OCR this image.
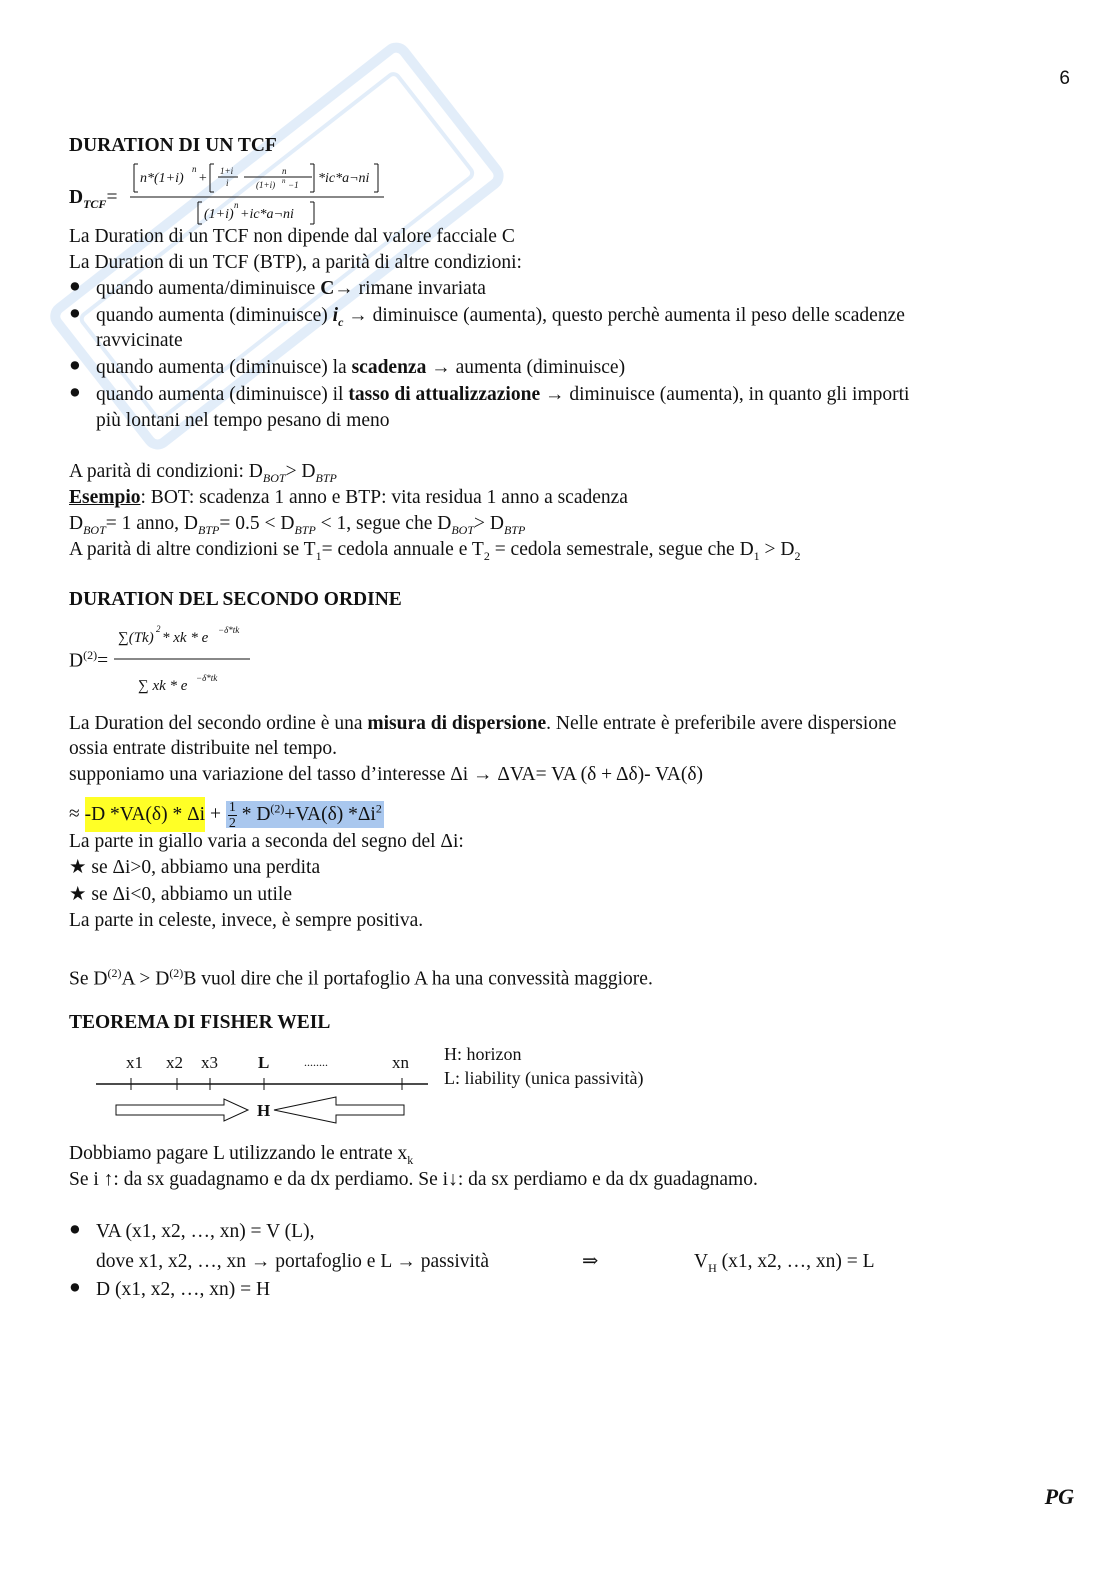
6
DURATION DI UN TCF
$D_{TCF}=$
n*(1+i)
n
+ 1+i
i
n
(1+i) n −1 *ic*a¬ni
(1+i)
n
+ic*a¬ni
La Duration di un TCF non dipende dal valore facciale C
La Duration di un TCF (BTP), a parità di altre condizioni:
● quando aumenta/diminuisce C→ rimane invariata
● quando aumenta (diminuisce) $i_c$ → diminuisce (aumenta), questo perchè aumenta il peso delle scadenze
ravvicinate
● quando aumenta (diminuisce) la scadenza → aumenta (diminuisce)
● quando aumenta (diminuisce) il tasso di attualizzazione → diminuisce (aumenta), in quanto gli importi
più lontani nel tempo pesano di meno
A parità di condizioni: $D_{BOT}> D_{BTP}$
Esempio: BOT: scadenza 1 anno e BTP: vita residua 1 anno a scadenza
$D_{BOT}= 1$ anno, $D_{BTP}= 0.5 < D_{BTP} < 1$, segue che $D_{BOT}> D_{BTP}$
A parità di altre condizioni se $T_1=$ cedola annuale e $T_2$ = cedola semestrale, segue che $D_1 > D_2$
DURATION DEL SECONDO ORDINE
$D^{(2)}=$
∑(Tk)
2
* xk * e −δ*tk
∑ xk * e −δ*tk
La Duration del secondo ordine è una misura di dispersione. Nelle entrate è preferibile avere dispersione
ossia entrate distribuite nel tempo.
supponiamo una variazione del tasso d’interesse Δi → ΔVA= VA (δ + Δδ)- VA(δ)
≈ -D $*VA(\delta) * \Delta i + \frac{1}{2} * D^{(2)}+VA(\delta)$ $*\Delta i^2$
La parte in giallo varia a seconda del segno del Δi:
★ se Δi>0, abbiamo una perdita
★ se Δi<0, abbiamo un utile
La parte in celeste, invece, è sempre positiva.
Se $D^{(2)}A > D^{(2)}B$ vuol dire che il portafoglio A ha una convessità maggiore.
TEOREMA DI FISHER WEIL
x1 x2 x3 L	........	xn
H
H: horizon
L: liability (unica passività)
Dobbiamo pagare L utilizzando le entrate $x_k$
Se i ↑: da sx guadagnamo e da dx perdiamo. Se i↓: da sx perdiamo e da dx guadagnamo.
● VA (x1, x2, …, xn) = V (L),
dove x1, x2, …, xn → portafoglio e L → passività	⇒	$V_H$ (x1, x2, …, xn) = L
● D (x1, x2, …, xn) = H
PG
